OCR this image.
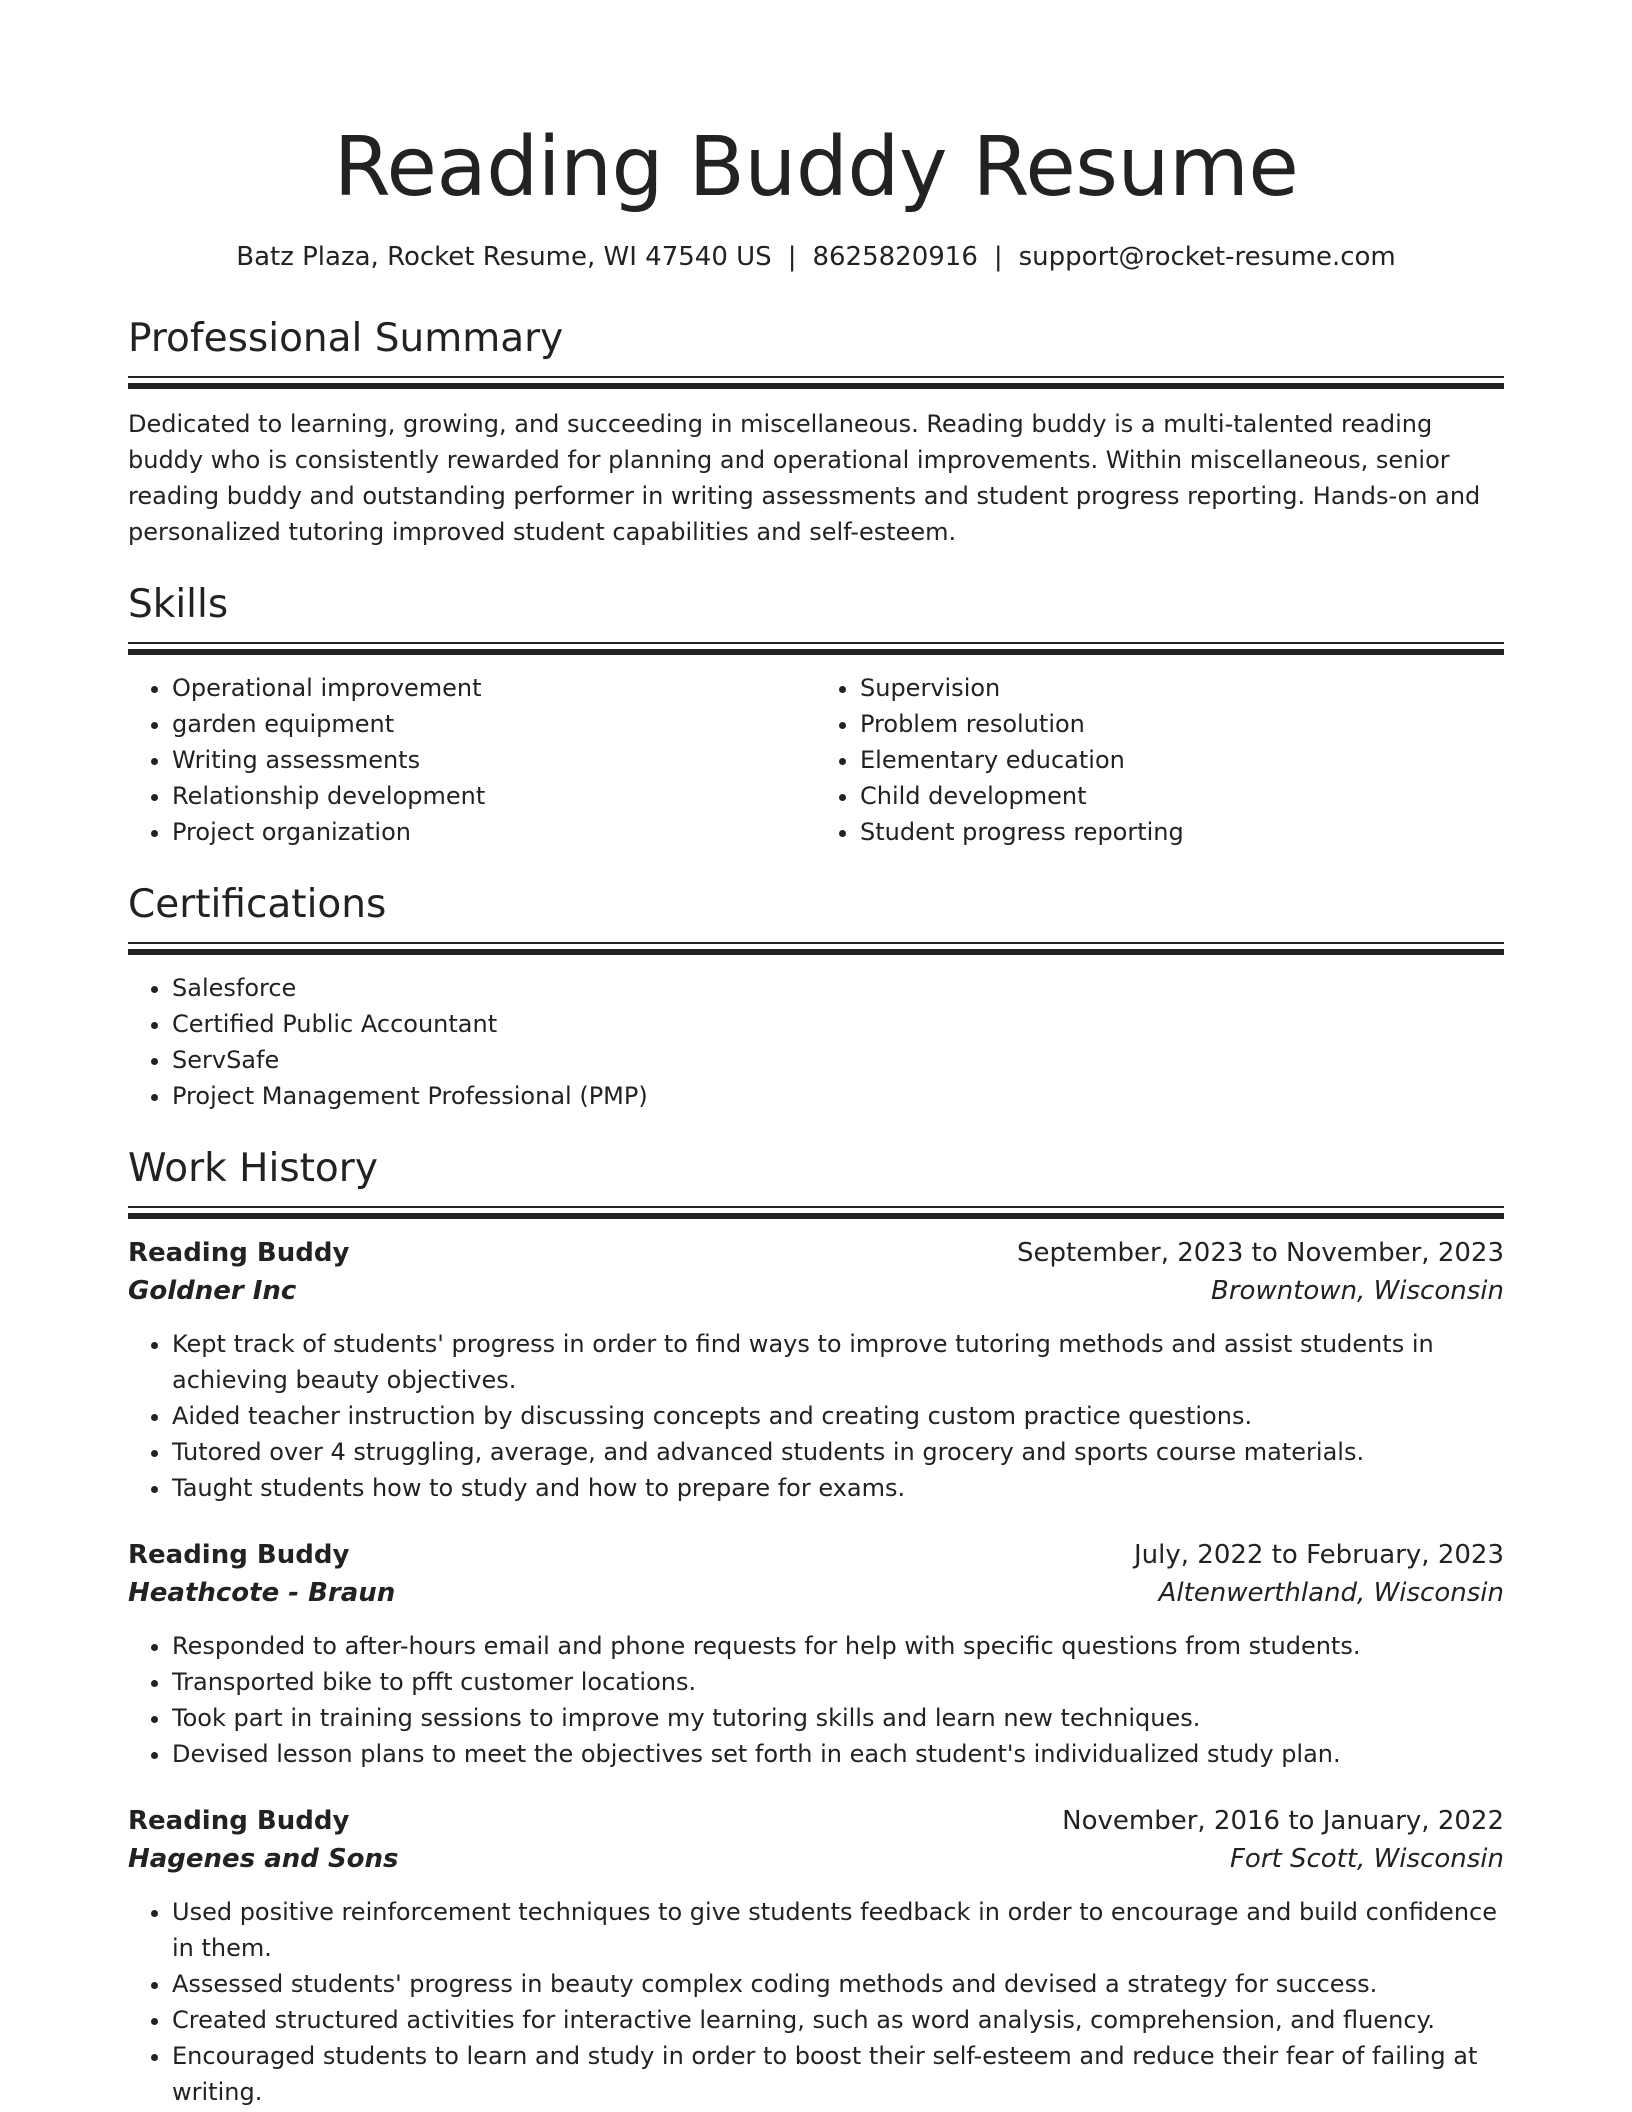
Reading Buddy Resume
Batz Plaza, Rocket Resume, WI 47540 US | 8625820916 | support@rocket-resume.com
Professional Summary
Dedicated to learning, growing, and succeeding in miscellaneous. Reading buddy is a multi-talented reading buddy who is consistently rewarded for planning and operational improvements. Within miscellaneous, senior reading buddy and outstanding performer in writing assessments and student progress reporting. Hands-on and personalized tutoring improved student capabilities and self-esteem.
Skills
• Operational improvement
• garden equipment
• Writing assessments
• Relationship development
• Project organization
• Supervision
• Problem resolution
• Elementary education
• Child development
• Student progress reporting
Certifications
• Salesforce
• Certified Public Accountant
• ServSafe
• Project Management Professional (PMP)
Work History
Reading Buddy	September, 2023 to November, 2023
Goldner Inc	Browntown, Wisconsin
• Kept track of students' progress in order to find ways to improve tutoring methods and assist students in achieving beauty objectives.
• Aided teacher instruction by discussing concepts and creating custom practice questions.
• Tutored over 4 struggling, average, and advanced students in grocery and sports course materials.
• Taught students how to study and how to prepare for exams.
Reading Buddy	July, 2022 to February, 2023
Heathcote - Braun	Altenwerthland, Wisconsin
• Responded to after-hours email and phone requests for help with specific questions from students.
• Transported bike to pfft customer locations.
• Took part in training sessions to improve my tutoring skills and learn new techniques.
• Devised lesson plans to meet the objectives set forth in each student's individualized study plan.
Reading Buddy	November, 2016 to January, 2022
Hagenes and Sons	Fort Scott, Wisconsin
• Used positive reinforcement techniques to give students feedback in order to encourage and build confidence in them.
• Assessed students' progress in beauty complex coding methods and devised a strategy for success.
• Created structured activities for interactive learning, such as word analysis, comprehension, and fluency.
• Encouraged students to learn and study in order to boost their self-esteem and reduce their fear of failing at writing.
